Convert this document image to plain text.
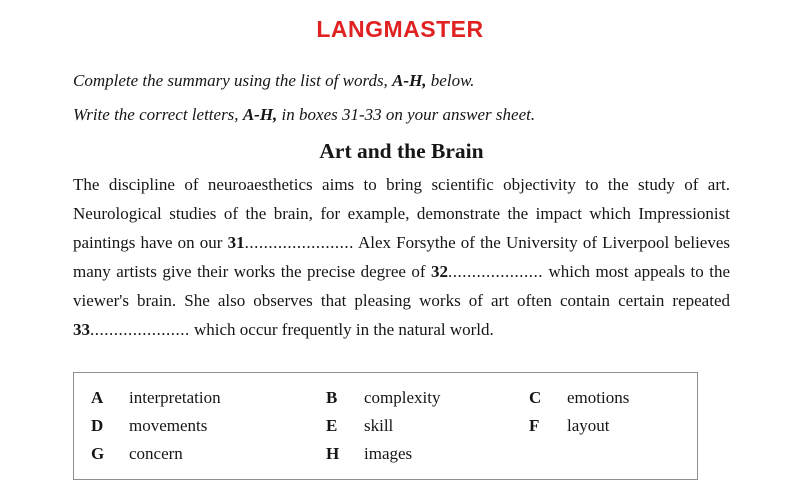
LANGMASTER

Complete the summary using the list of words, A-H, below.

Write the correct letters, A-H, in boxes 31-33 on your answer sheet.

Art and the Brain

The discipline of neuroaesthetics aims to bring scientific objectivity to the study of art. Neurological studies of the brain, for example, demonstrate the impact which Impressionist paintings have on our 31....................... Alex Forsythe of the University of Liverpool believes many artists give their works the precise degree of 32.................... which most appeals to the viewer's brain. She also observes that pleasing works of art often contain certain repeated 33..................... which occur frequently in the natural world.

A interpretation	B complexity	C emotions
D movements	E skill	F layout
G concern	H images
